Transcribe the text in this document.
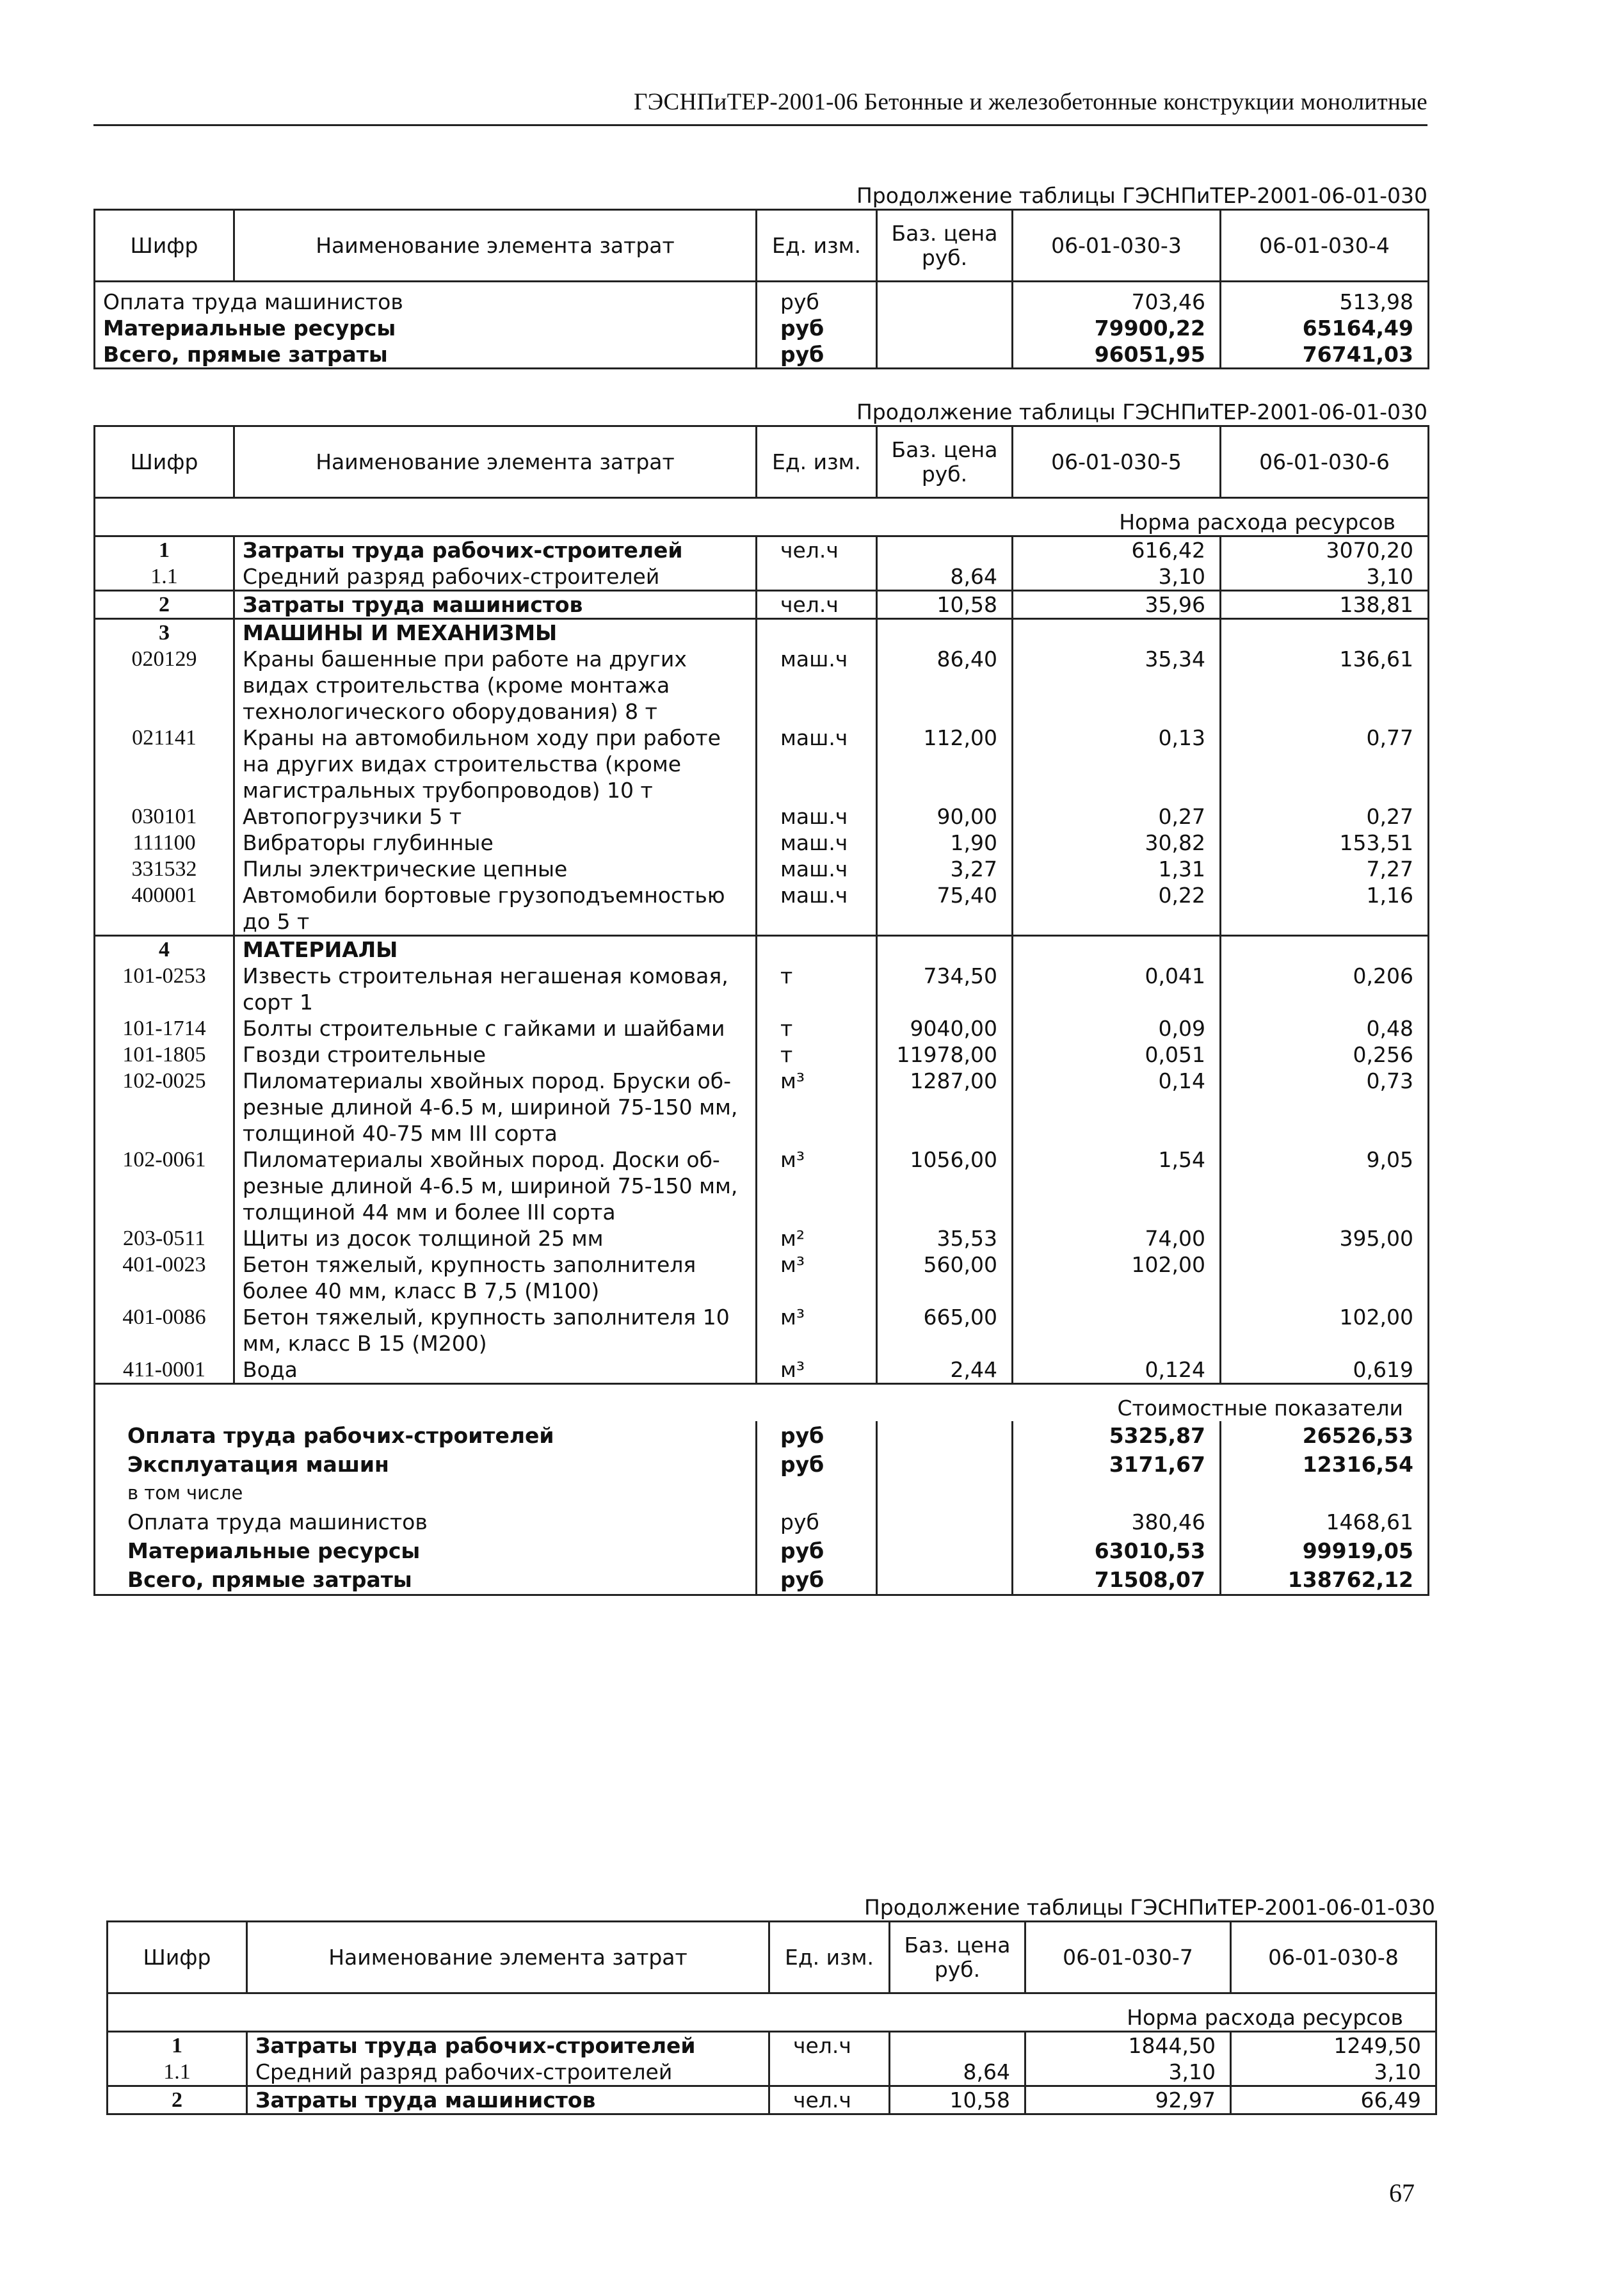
ГЭСНПиТЕР-2001-06 Бетонные и железобетонные конструкции монолитные
Продолжение таблицы ГЭСНПиТЕР-2001-06-01-030
Шифр	Наименование элемента затрат	Ед. изм.	Баз. цена руб.	06-01-030-3	06-01-030-4
Оплата труда машинистов		руб		703,46	513,98
Материальные ресурсы		руб		79900,22	65164,49
Всего, прямые затраты		руб		96051,95	76741,03
Продолжение таблицы ГЭСНПиТЕР-2001-06-01-030
Шифр	Наименование элемента затрат	Ед. изм.	Баз. цена руб.	06-01-030-5	06-01-030-6
Норма расхода ресурсов					
1	Затраты труда рабочих-строителей	чел.ч		616,42	3070,20
1.1	Средний разряд рабочих-строителей		8,64	3,10	3,10
2	Затраты труда машинистов	чел.ч	10,58	35,96	138,81
3	МАШИНЫ И МЕХАНИЗМЫ				
020129	Краны башенные при работе на других видах строительства (кроме монтажа технологического оборудования) 8 т	маш.ч	86,40	35,34	136,61
021141	Краны на автомобильном ходу при работе на других видах строительства (кроме магистральных трубопроводов) 10 т	маш.ч	112,00	0,13	0,77
030101	Автопогрузчики 5 т	маш.ч	90,00	0,27	0,27
111100	Вибраторы глубинные	маш.ч	1,90	30,82	153,51
331532	Пилы электрические цепные	маш.ч	3,27	1,31	7,27
400001	Автомобили бортовые грузоподъемностью до 5 т	маш.ч	75,40	0,22	1,16
4	МАТЕРИАЛЫ				
101-0253	Известь строительная негашеная комовая, сорт 1	т	734,50	0,041	0,206
101-1714	Болты строительные с гайками и шайбами	т	9040,00	0,09	0,48
101-1805	Гвозди строительные	т	11978,00	0,051	0,256
102-0025	Пиломатериалы хвойных пород. Бруски об-резные длиной 4-6.5 м, шириной 75-150 мм, толщиной 40-75 мм III сорта	м³	1287,00	0,14	0,73
102-0061	Пиломатериалы хвойных пород. Доски об-резные длиной 4-6.5 м, шириной 75-150 мм, толщиной 44 мм и более III сорта	м³	1056,00	1,54	9,05
203-0511	Щиты из досок толщиной 25 мм	м²	35,53	74,00	395,00
401-0023	Бетон тяжелый, крупность заполнителя более 40 мм, класс В 7,5 (М100)	м³	560,00	102,00	
401-0086	Бетон тяжелый, крупность заполнителя 10 мм, класс В 15 (М200)	м³	665,00		102,00
411-0001	Вода	м³	2,44	0,124	0,619
Стоимостные показатели					
Оплата труда рабочих-строителей		руб		5325,87	26526,53
Эксплуатация машин		руб		3171,67	12316,54
в том числе					
Оплата труда машинистов		руб		380,46	1468,61
Материальные ресурсы		руб		63010,53	99919,05
Всего, прямые затраты		руб		71508,07	138762,12
Продолжение таблицы ГЭСНПиТЕР-2001-06-01-030
Шифр	Наименование элемента затрат	Ед. изм.	Баз. цена руб.	06-01-030-7	06-01-030-8
Норма расхода ресурсов					
1	Затраты труда рабочих-строителей	чел.ч		1844,50	1249,50
1.1	Средний разряд рабочих-строителей		8,64	3,10	3,10
2	Затраты труда машинистов	чел.ч	10,58	92,97	66,49
67
